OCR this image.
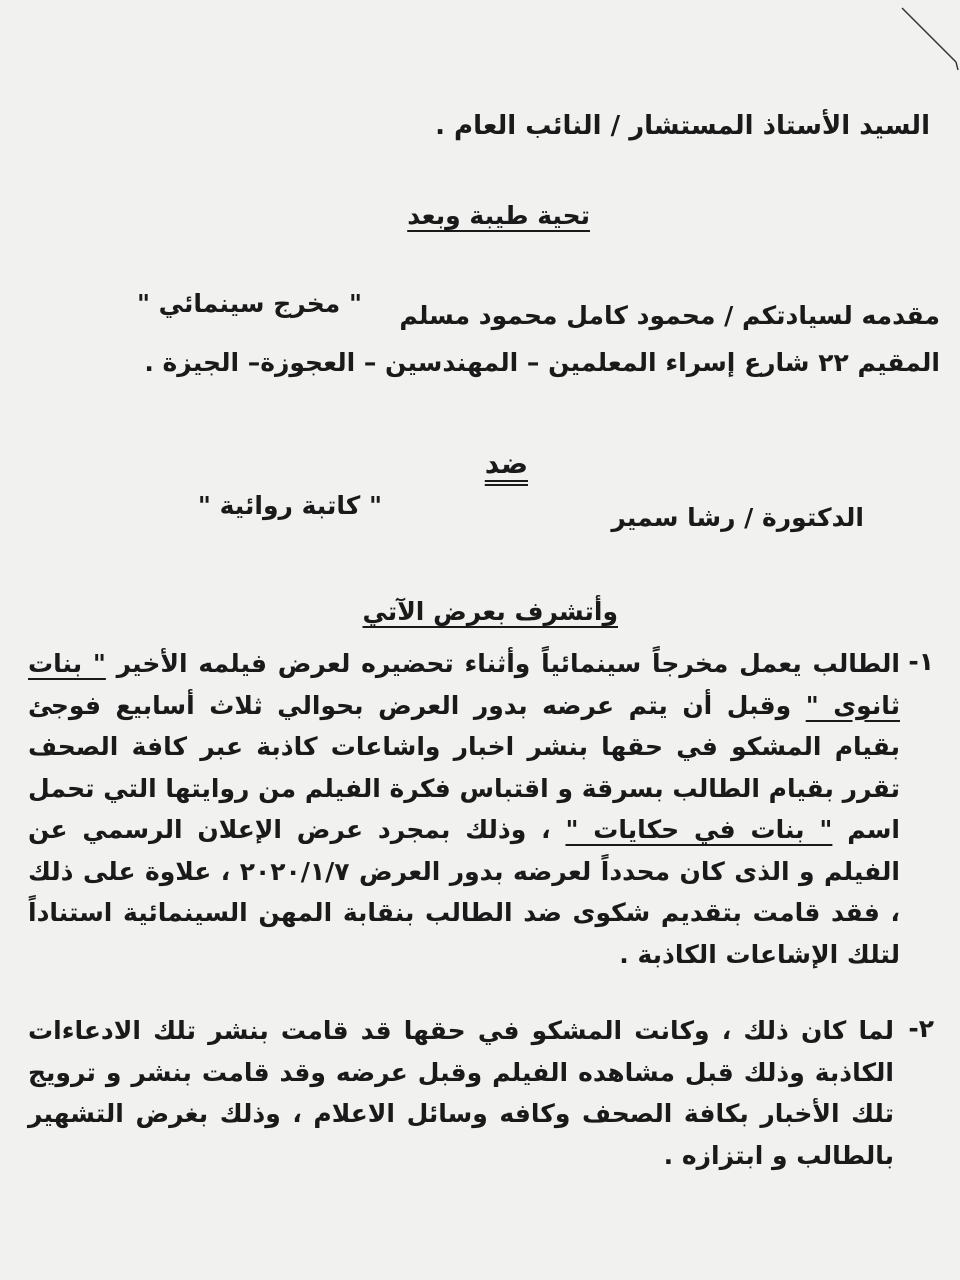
السيد الأستاذ المستشار / النائب العام .
تحية طيبة وبعد
مقدمه لسيادتكم / محمود كامل محمود مسلم
" مخرج سينمائي "
المقيم ٢٢ شارع إسراء المعلمين – المهندسين – العجوزة– الجيزة .
ضد
الدكتورة / رشا سمير
" كاتبة روائية "
وأتشرف بعرض الآتي
١-
الطالب يعمل مخرجاً سينمائياً وأثناء تحضيره لعرض فيلمه الأخير " بنات ثانوى " وقبل أن يتم عرضه بدور العرض بحوالي ثلاث أسابيع فوجئ بقيام المشكو في حقها بنشر اخبار واشاعات كاذبة عبر كافة الصحف تقرر بقيام الطالب بسرقة و اقتباس فكرة الفيلم من روايتها التي تحمل اسم " بنات في حكايات " ، وذلك بمجرد عرض الإعلان الرسمي عن الفيلم و الذى كان محدداً لعرضه بدور العرض ٢٠٢٠/١/٧ ، علاوة على ذلك ، فقد قامت بتقديم شكوى ضد الطالب بنقابة المهن السينمائية استناداً لتلك الإشاعات الكاذبة .
٢-
لما كان ذلك ، وكانت المشكو في حقها قد قامت بنشر تلك الادعاءات الكاذبة وذلك قبل مشاهده الفيلم وقبل عرضه وقد قامت بنشر و ترويج تلك الأخبار بكافة الصحف وكافه وسائل الاعلام ، وذلك بغرض التشهير بالطالب و ابتزازه .
